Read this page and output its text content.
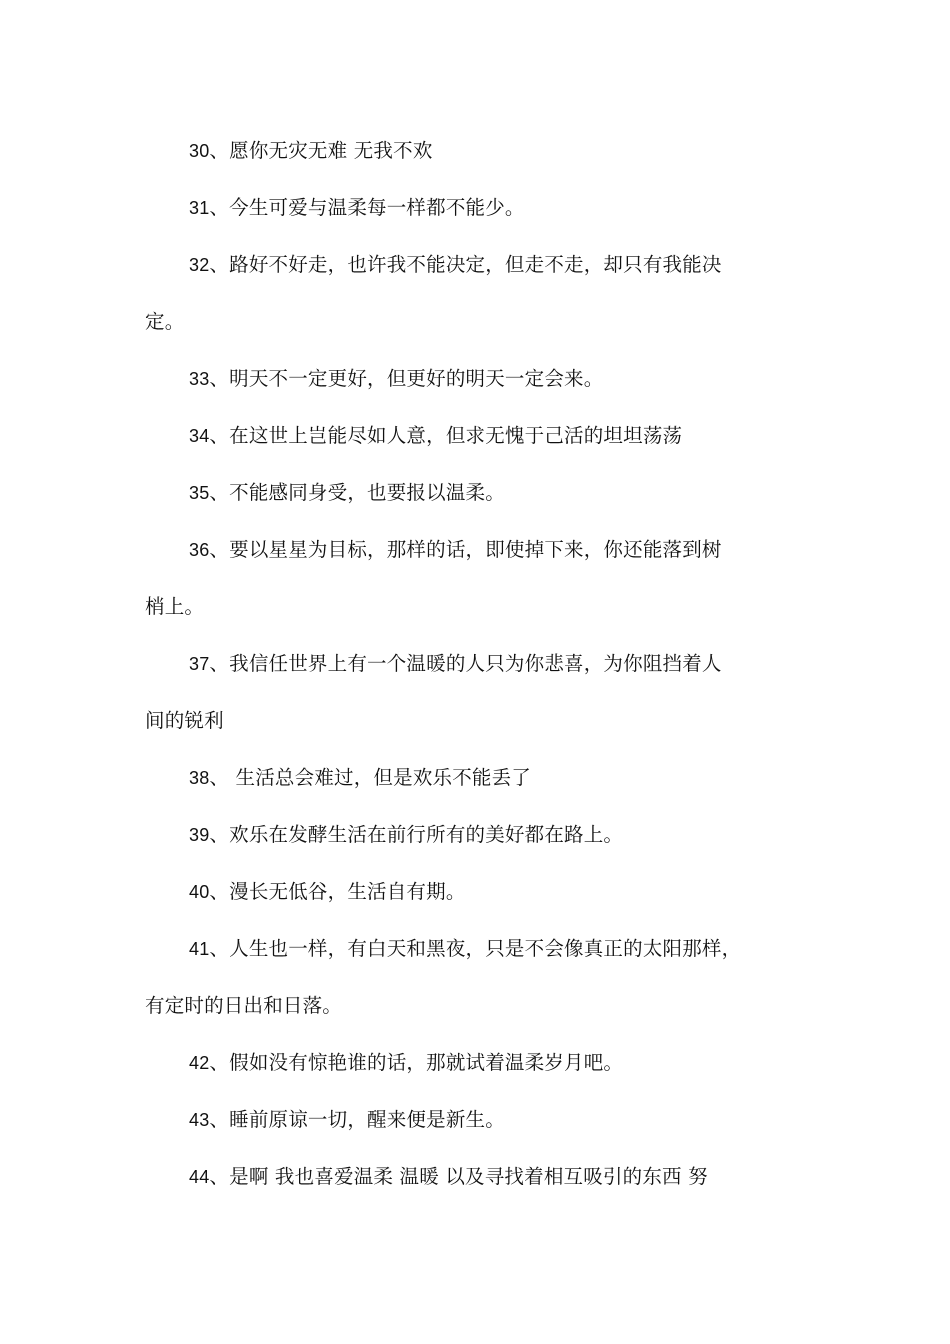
30、愿你无灾无难 无我不欢
31、今生可爱与温柔每一样都不能少。
32、路好不好走，也许我不能决定，但走不走，却只有我能决
定。
33、明天不一定更好，但更好的明天一定会来。
34、在这世上岂能尽如人意，但求无愧于己活的坦坦荡荡
35、不能感同身受，也要报以温柔。
36、要以星星为目标，那样的话，即使掉下来，你还能落到树
梢上。
37、我信任世界上有一个温暖的人只为你悲喜，为你阻挡着人
间的锐利
38、 生活总会难过，但是欢乐不能丢了
39、欢乐在发酵生活在前行所有的美好都在路上。
40、漫长无低谷，生活自有期。
41、人生也一样，有白天和黑夜，只是不会像真正的太阳那样，
有定时的日出和日落。
42、假如没有惊艳谁的话，那就试着温柔岁月吧。
43、睡前原谅一切，醒来便是新生。
44、是啊 我也喜爱温柔 温暖 以及寻找着相互吸引的东西 努
